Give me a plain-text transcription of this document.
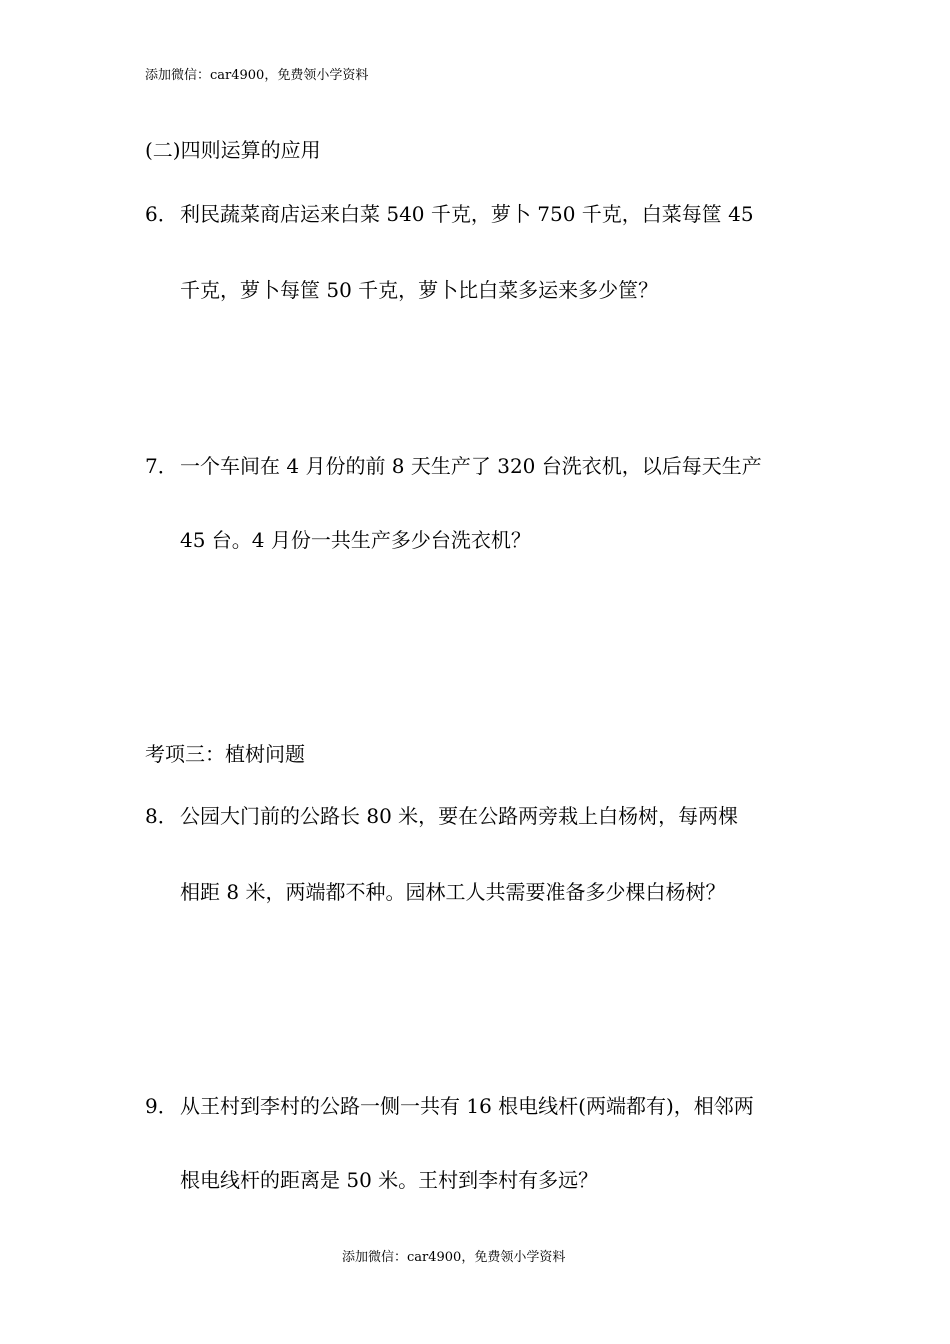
添加微信：car4900，免费领小学资料
(二)四则运算的应用
6． 利民蔬菜商店运来白菜 540 千克，萝卜 750 千克，白菜每筐 45
千克，萝卜每筐 50 千克，萝卜比白菜多运来多少筐？
7． 一个车间在 4 月份的前 8 天生产了 320 台洗衣机，以后每天生产
45 台。4 月份一共生产多少台洗衣机？
考项三：植树问题
8． 公园大门前的公路长 80 米，要在公路两旁栽上白杨树，每两棵
相距 8 米，两端都不种。园林工人共需要准备多少棵白杨树？
9． 从王村到李村的公路一侧一共有 16 根电线杆(两端都有)，相邻两
根电线杆的距离是 50 米。王村到李村有多远？
添加微信：car4900，免费领小学资料
